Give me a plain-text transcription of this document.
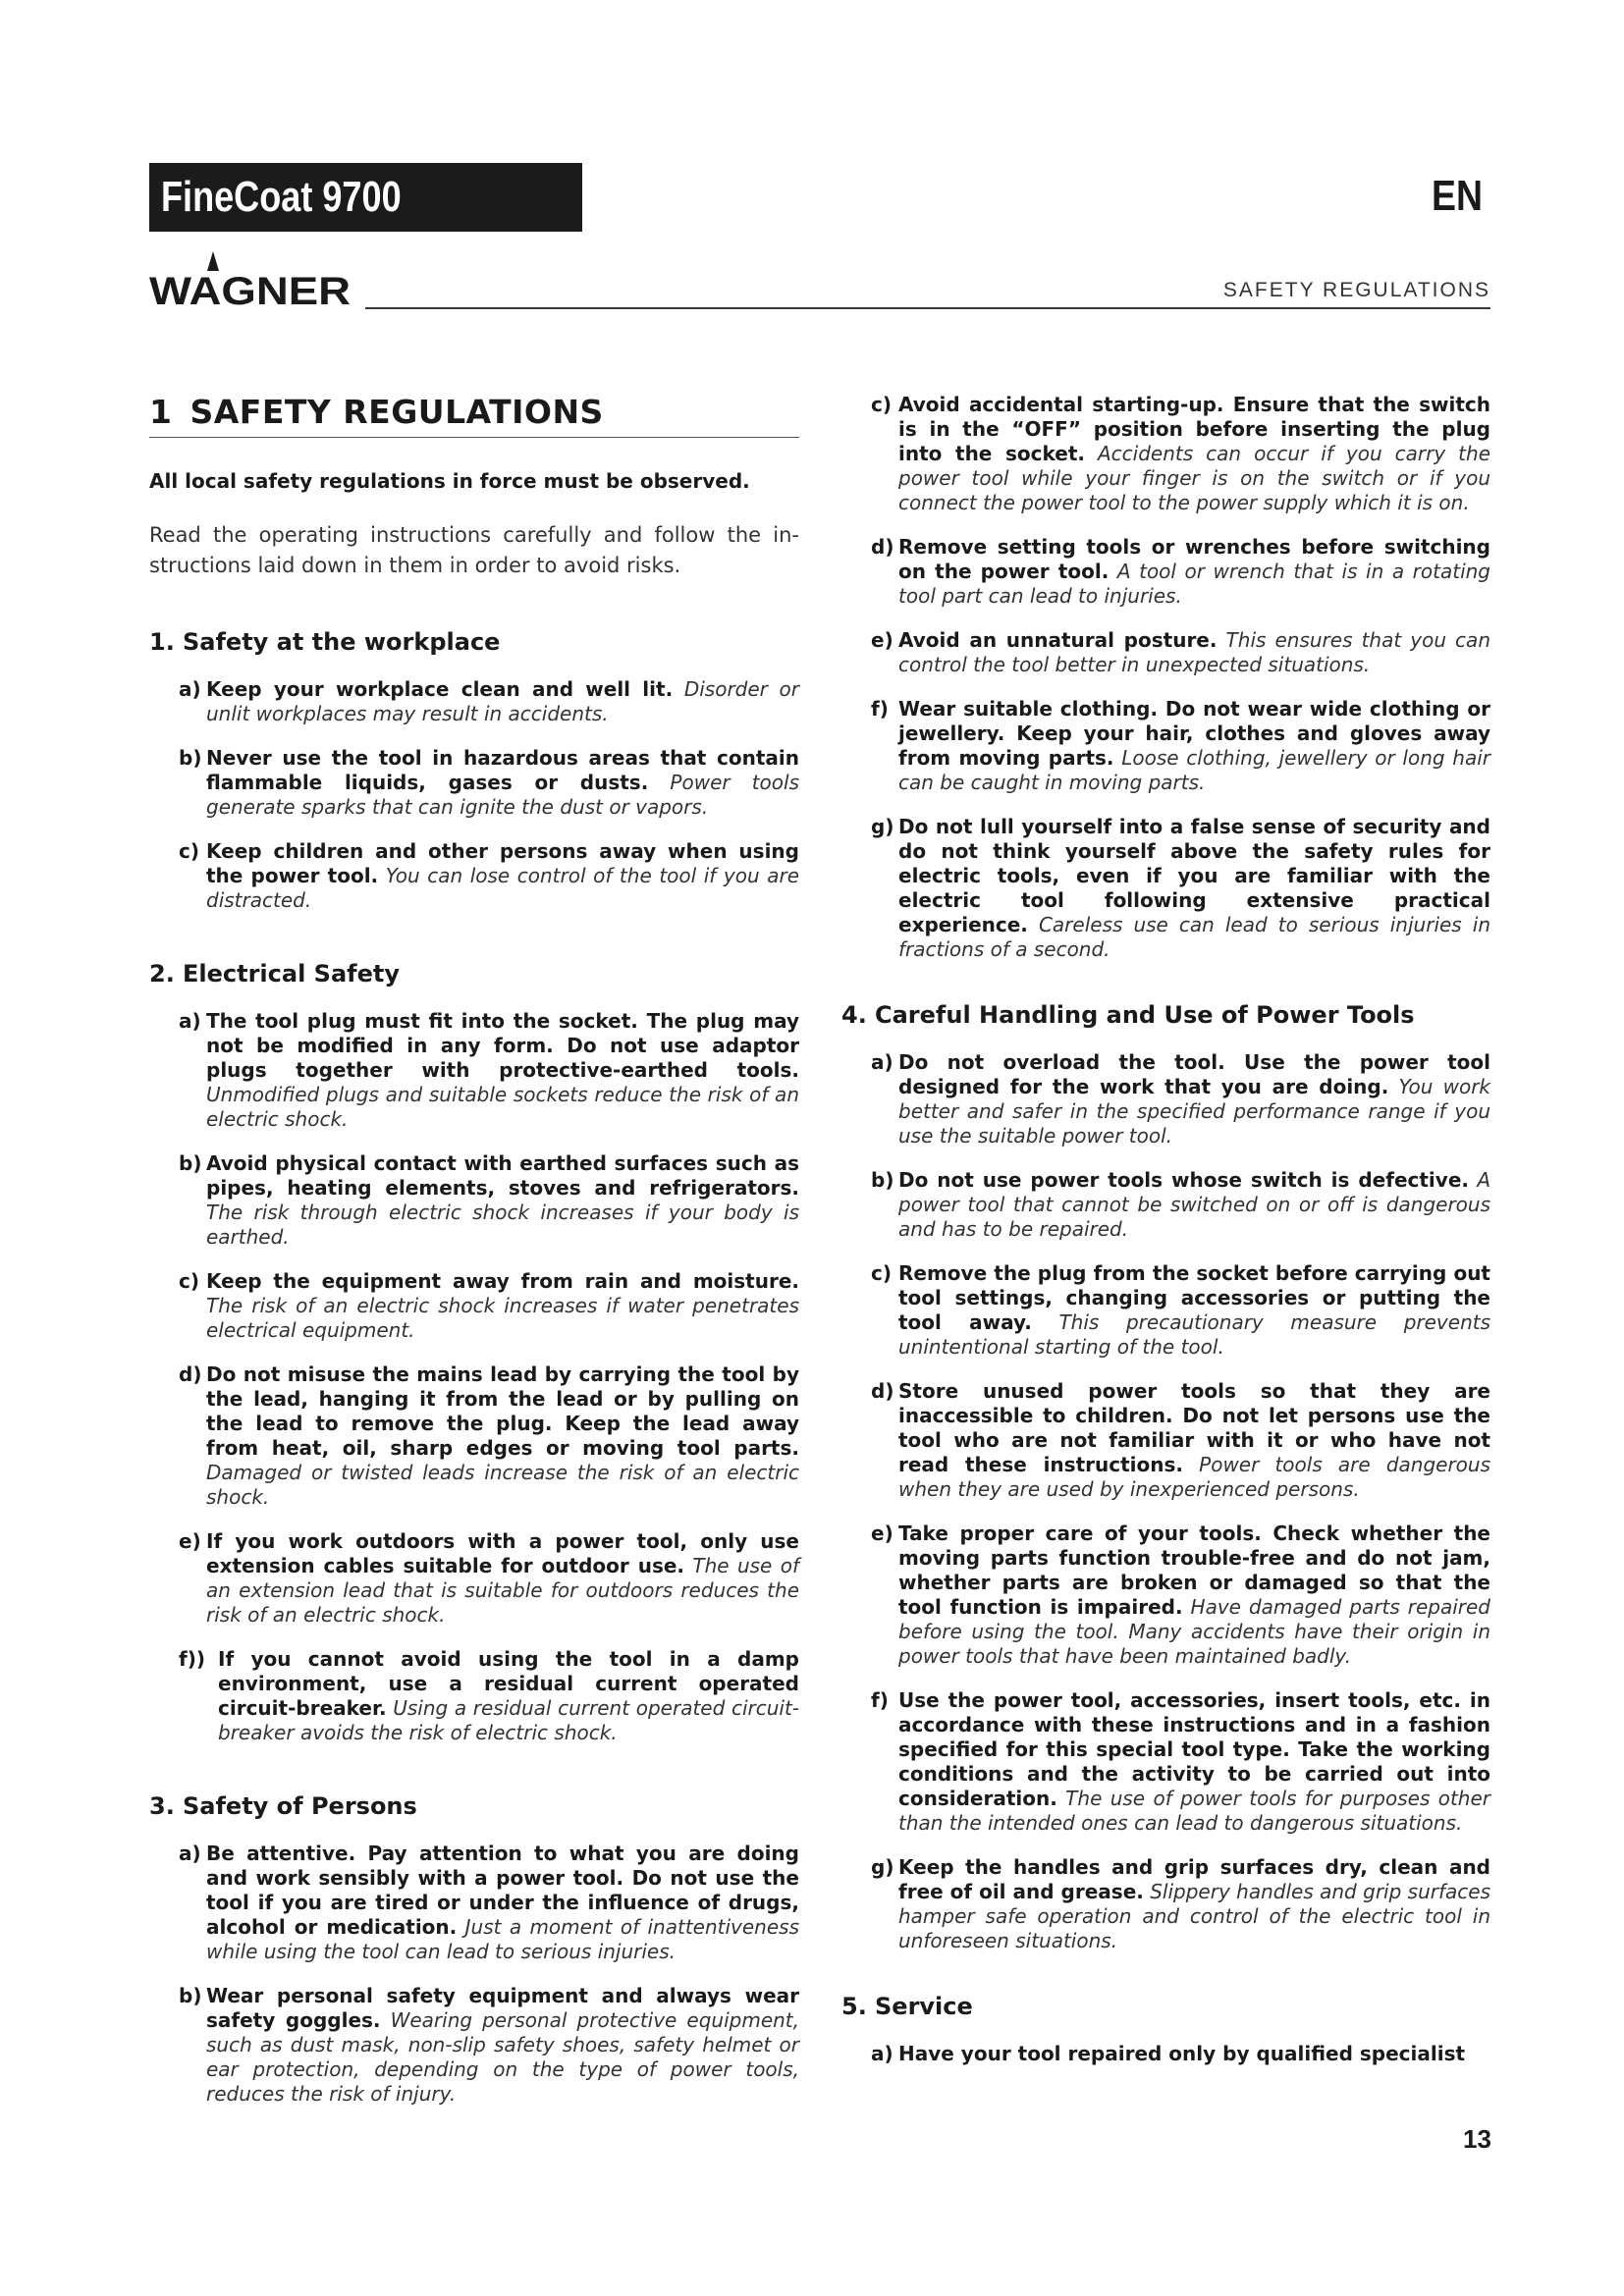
FineCoat 9700	EN
WAGNER	SAFETY REGULATIONS
1 SAFETY REGULATIONS

All local safety regulations in force must be observed.

Read the operating instructions carefully and follow the in-structions laid down in them in order to avoid risks.

1. Safety at the workplace
a) Keep your workplace clean and well lit. Disorder or unlit workplaces may result in accidents.
b) Never use the tool in hazardous areas that contain flammable liquids, gases or dusts. Power tools generate sparks that can ignite the dust or vapors.
c) Keep children and other persons away when using the power tool. You can lose control of the tool if you are distracted.
2. Electrical Safety
a) The tool plug must fit into the socket. The plug may not be modified in any form. Do not use adaptor plugs together with protective-earthed tools. Unmodified plugs and suitable sockets reduce the risk of an electric shock.
b) Avoid physical contact with earthed surfaces such as pipes, heating elements, stoves and refrigerators. The risk through electric shock increases if your body is earthed.
c) Keep the equipment away from rain and moisture. The risk of an electric shock increases if water penetrates electrical equipment.
d) Do not misuse the mains lead by carrying the tool by the lead, hanging it from the lead or by pulling on the lead to remove the plug. Keep the lead away from heat, oil, sharp edges or moving tool parts. Damaged or twisted leads increase the risk of an electric shock.
e) If you work outdoors with a power tool, only use extension cables suitable for outdoor use. The use of an extension lead that is suitable for outdoors reduces the risk of an electric shock.
f)) If you cannot avoid using the tool in a damp environment, use a residual current operated circuit-breaker. Using a residual current operated circuit-breaker avoids the risk of electric shock.
3. Safety of Persons
a) Be attentive. Pay attention to what you are doing and work sensibly with a power tool. Do not use the tool if you are tired or under the influence of drugs, alcohol or medication. Just a moment of inattentiveness while using the tool can lead to serious injuries.
b) Wear personal safety equipment and always wear safety goggles. Wearing personal protective equipment, such as dust mask, non-slip safety shoes, safety helmet or ear protection, depending on the type of power tools, reduces the risk of injury.
c) Avoid accidental starting-up. Ensure that the switch is in the “OFF” position before inserting the plug into the socket. Accidents can occur if you carry the power tool while your finger is on the switch or if you connect the power tool to the power supply which it is on.
d) Remove setting tools or wrenches before switching on the power tool. A tool or wrench that is in a rotating tool part can lead to injuries.
e) Avoid an unnatural posture. This ensures that you can control the tool better in unexpected situations.
f) Wear suitable clothing. Do not wear wide clothing or jewellery. Keep your hair, clothes and gloves away from moving parts. Loose clothing, jewellery or long hair can be caught in moving parts.
g) Do not lull yourself into a false sense of security and do not think yourself above the safety rules for electric tools, even if you are familiar with the electric tool following extensive practical experience. Careless use can lead to serious injuries in fractions of a second.
4. Careful Handling and Use of Power Tools
a) Do not overload the tool. Use the power tool designed for the work that you are doing. You work better and safer in the specified performance range if you use the suitable power tool.
b) Do not use power tools whose switch is defective. A power tool that cannot be switched on or off is dangerous and has to be repaired.
c) Remove the plug from the socket before carrying out tool settings, changing accessories or putting the tool away. This precautionary measure prevents unintentional starting of the tool.
d) Store unused power tools so that they are inaccessible to children. Do not let persons use the tool who are not familiar with it or who have not read these instructions. Power tools are dangerous when they are used by inexperienced persons.
e) Take proper care of your tools. Check whether the moving parts function trouble-free and do not jam, whether parts are broken or damaged so that the tool function is impaired. Have damaged parts repaired before using the tool. Many accidents have their origin in power tools that have been maintained badly.
f) Use the power tool, accessories, insert tools, etc. in accordance with these instructions and in a fashion specified for this special tool type. Take the working conditions and the activity to be carried out into consideration. The use of power tools for purposes other than the intended ones can lead to dangerous situations.
g) Keep the handles and grip surfaces dry, clean and free of oil and grease. Slippery handles and grip surfaces hamper safe operation and control of the electric tool in unforeseen situations.
5. Service
a) Have your tool repaired only by qualified specialist
13
